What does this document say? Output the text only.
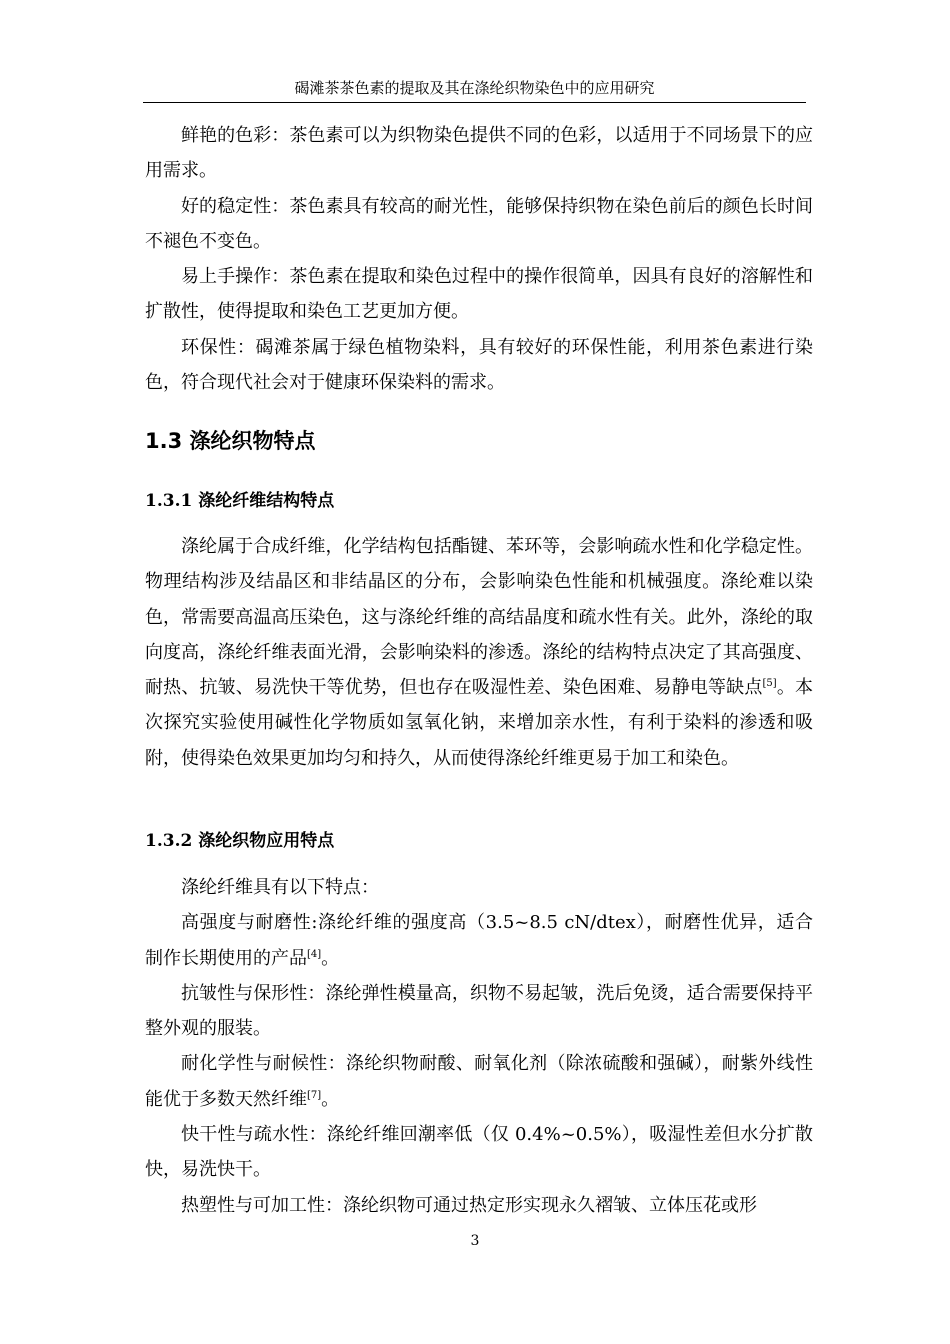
碣滩茶茶色素的提取及其在涤纶织物染色中的应用研究

鲜艳的色彩：茶色素可以为织物染色提供不同的色彩，以适用于不同场景下的应用需求。

好的稳定性：茶色素具有较高的耐光性，能够保持织物在染色前后的颜色长时间不褪色不变色。

易上手操作：茶色素在提取和染色过程中的操作很简单，因具有良好的溶解性和扩散性，使得提取和染色工艺更加方便。

环保性：碣滩茶属于绿色植物染料，具有较好的环保性能，利用茶色素进行染色，符合现代社会对于健康环保染料的需求。

1.3 涤纶织物特点
1.3.1 涤纶纤维结构特点

涤纶属于合成纤维，化学结构包括酯键、苯环等，会影响疏水性和化学稳定性。物理结构涉及结晶区和非结晶区的分布，会影响染色性能和机械强度。涤纶难以染色，常需要高温高压染色，这与涤纶纤维的高结晶度和疏水性有关。此外，涤纶的取向度高，涤纶纤维表面光滑，会影响染料的渗透。涤纶的结构特点决定了其高强度、耐热、抗皱、易洗快干等优势，但也存在吸湿性差、染色困难、易静电等缺点[5]。本次探究实验使用碱性化学物质如氢氧化钠，来增加亲水性，有利于染料的渗透和吸附，使得染色效果更加均匀和持久，从而使得涤纶纤维更易于加工和染色。

1.3.2 涤纶织物应用特点

涤纶纤维具有以下特点：

高强度与耐磨性:涤纶纤维的强度高（3.5~8.5 cN/dtex），耐磨性优异，适合制作长期使用的产品[4]。

抗皱性与保形性：涤纶弹性模量高，织物不易起皱，洗后免烫，适合需要保持平整外观的服装。

耐化学性与耐候性：涤纶织物耐酸、耐氧化剂（除浓硫酸和强碱），耐紫外线性能优于多数天然纤维[7]。

快干性与疏水性：涤纶纤维回潮率低（仅 0.4%~0.5%），吸湿性差但水分扩散快，易洗快干。

热塑性与可加工性：涤纶织物可通过热定形实现永久褶皱、立体压花或形

3
